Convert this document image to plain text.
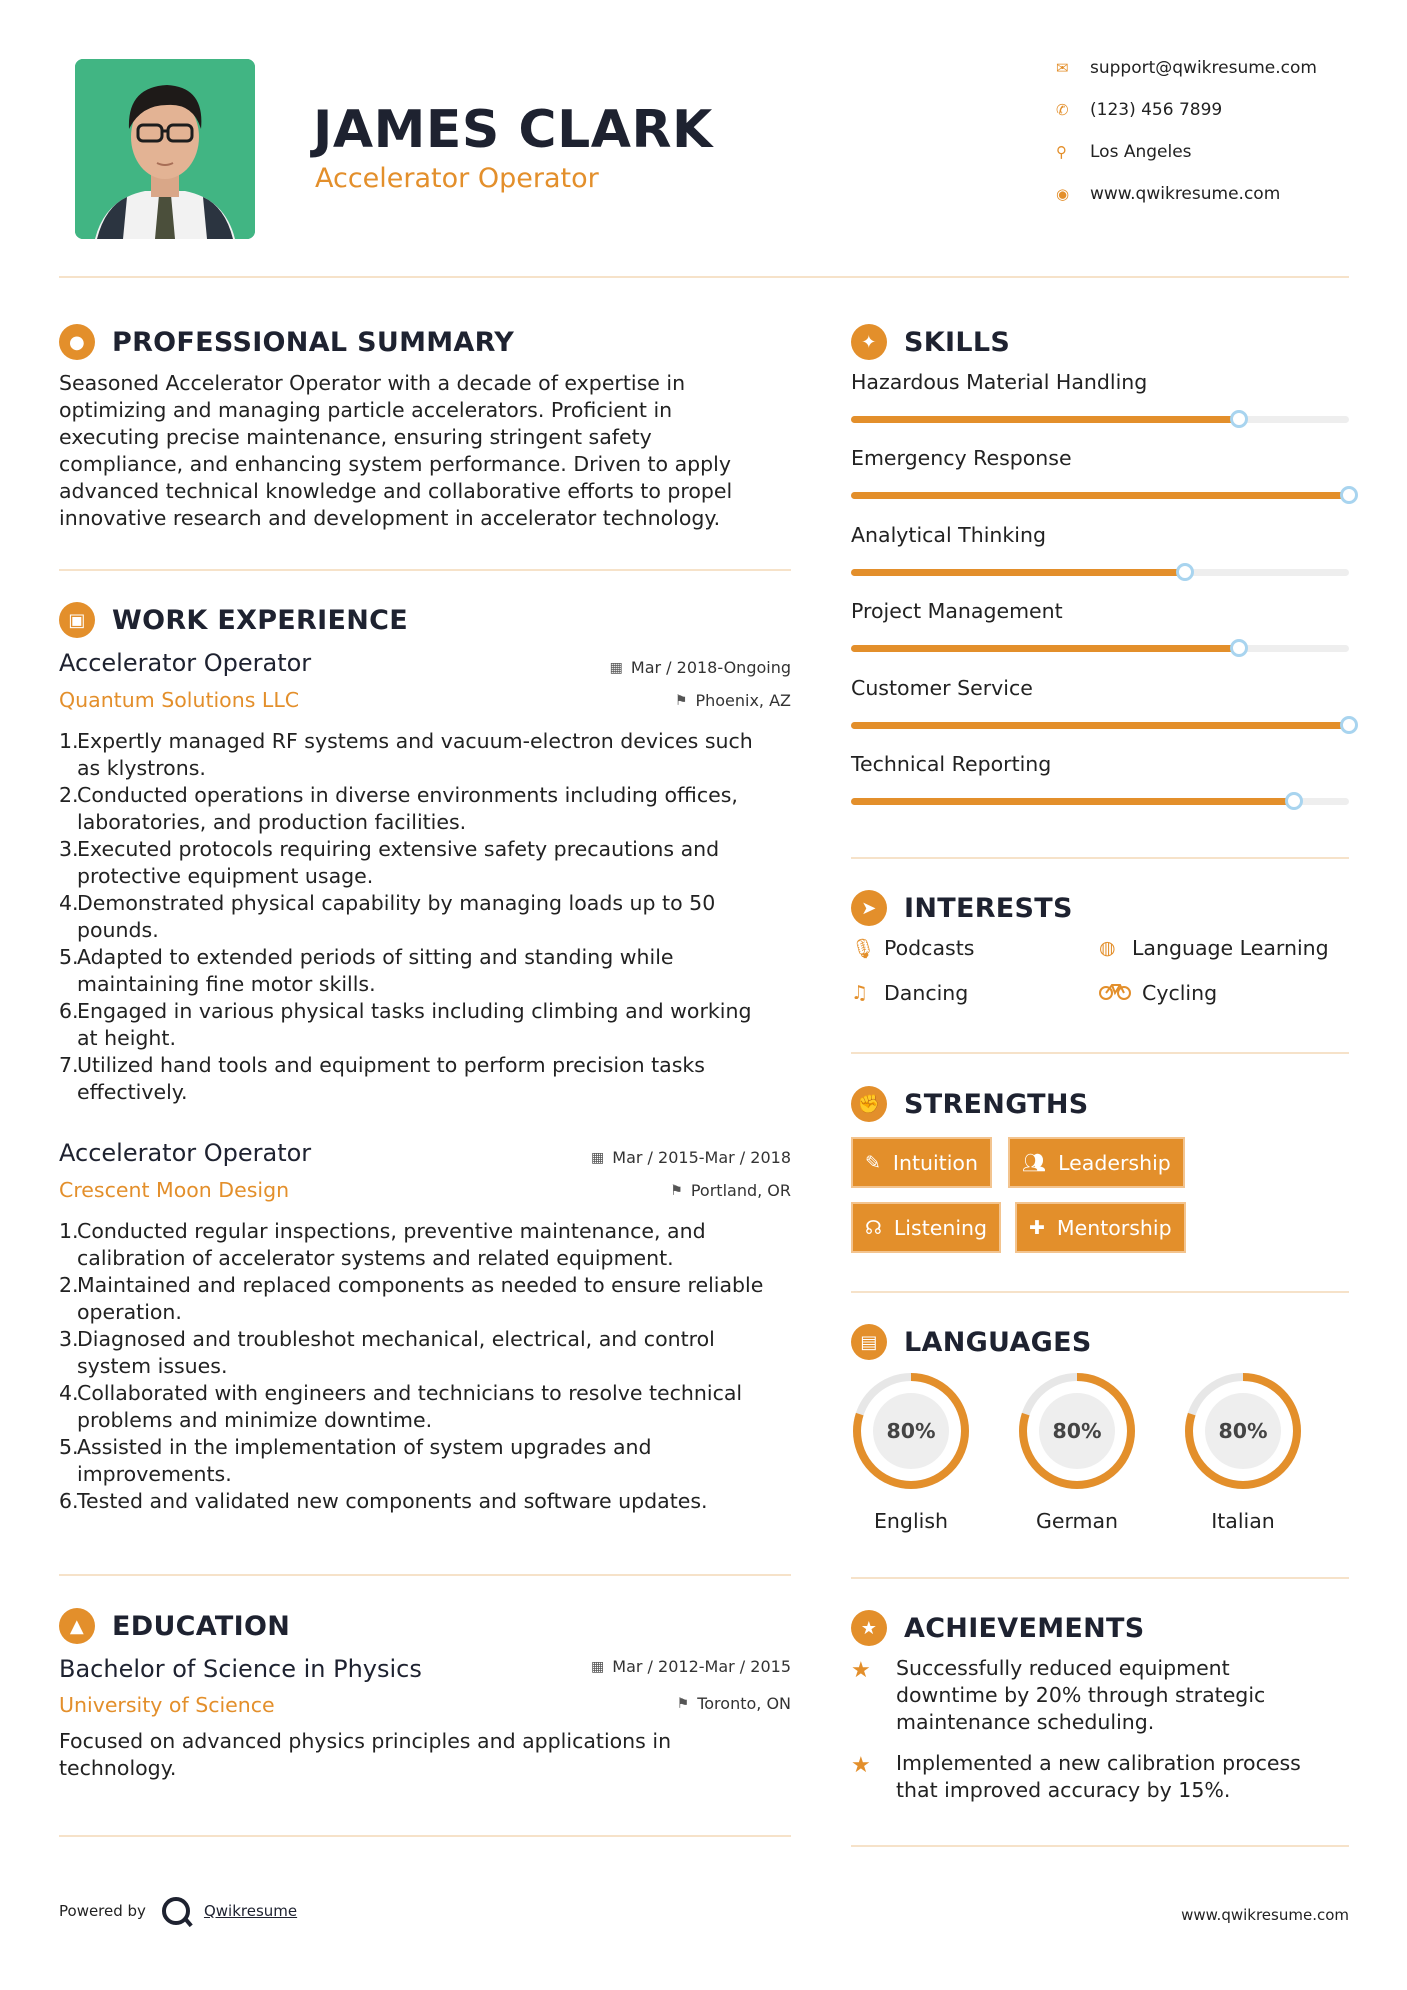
JAMES CLARK
Accelerator Operator
✉	support@qwikresume.com
✆	(123) 456 7899
⚲	Los Angeles
◉	www.qwikresume.com
●	PROFESSIONAL SUMMARY
Seasoned Accelerator Operator with a decade of expertise in
optimizing and managing particle accelerators. Proficient in
executing precise maintenance, ensuring stringent safety
compliance, and enhancing system performance. Driven to apply
advanced technical knowledge and collaborative efforts to propel
innovative research and development in accelerator technology.
▣ WORK EXPERIENCE
Accelerator Operator	▦ Mar / 2018-Ongoing
Quantum Solutions LLC	⚑ Phoenix, AZ
1.
Expertly managed RF systems and vacuum-electron devices such
as klystrons.
2.
Conducted operations in diverse environments including offices,
laboratories, and production facilities.
3.
Executed protocols requiring extensive safety precautions and
protective equipment usage.
4.
Demonstrated physical capability by managing loads up to 50
pounds.
5.
Adapted to extended periods of sitting and standing while
maintaining fine motor skills.
6.
Engaged in various physical tasks including climbing and working
at height.
7.
Utilized hand tools and equipment to perform precision tasks
effectively.
Accelerator Operator	▦ Mar / 2015-Mar / 2018
Crescent Moon Design	⚑ Portland, OR
1.
Conducted regular inspections, preventive maintenance, and
calibration of accelerator systems and related equipment.
2.
Maintained and replaced components as needed to ensure reliable
operation.
3.
Diagnosed and troubleshot mechanical, electrical, and control
system issues.
4.
Collaborated with engineers and technicians to resolve technical
problems and minimize downtime.
5.
Assisted in the implementation of system upgrades and
improvements.
6.
Tested and validated new components and software updates.
▲	EDUCATION
Bachelor of Science in Physics	▦ Mar / 2012-Mar / 2015
University of Science	⚑ Toronto, ON
Focused on advanced physics principles and applications in
technology.
✦	SKILLS
Hazardous Material Handling
Emergency Response
Analytical Thinking
Project Management
Customer Service
Technical Reporting
➤	INTERESTS
🎙︎ Podcasts	◍ Language Learning
♫ Dancing	Cycling
✊ STRENGTHS
✎ Intuition 👥︎ Leadership
☊ Listening ✚ Mentorship
▤ LANGUAGES
80%
English
80%
German
80%
Italian
★ ACHIEVEMENTS
★	Successfully reduced equipment
downtime by 20% through strategic
maintenance scheduling.
★	Implemented a new calibration process
that improved accuracy by 15%.
Powered by	Qwikresume	www.qwikresume.com
